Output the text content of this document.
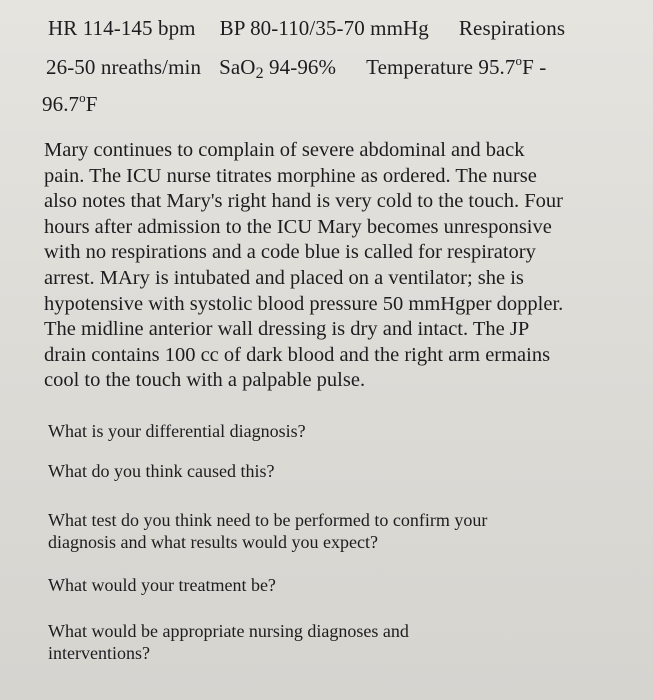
HR 114-145 bpm BP 80-110/35-70 mmHg Respirations
26-50 nreaths/min SaO$_2$ 94-96% Temperature 95.7$^o$F -
96.7$^o$F
Mary continues to complain of severe abdominal and back
pain. The ICU nurse titrates morphine as ordered. The nurse
also notes that Mary's right hand is very cold to the touch. Four
hours after admission to the ICU Mary becomes unresponsive
with no respirations and a code blue is called for respiratory
arrest. MAry is intubated and placed on a ventilator; she is
hypotensive with systolic blood pressure 50 mmHgper doppler.
The midline anterior wall dressing is dry and intact. The JP
drain contains 100 cc of dark blood and the right arm ermains
cool to the touch with a palpable pulse.
What is your differential diagnosis?
What do you think caused this?
What test do you think need to be performed to confirm your
diagnosis and what results would you expect?
What would your treatment be?
What would be appropriate nursing diagnoses and
interventions?
